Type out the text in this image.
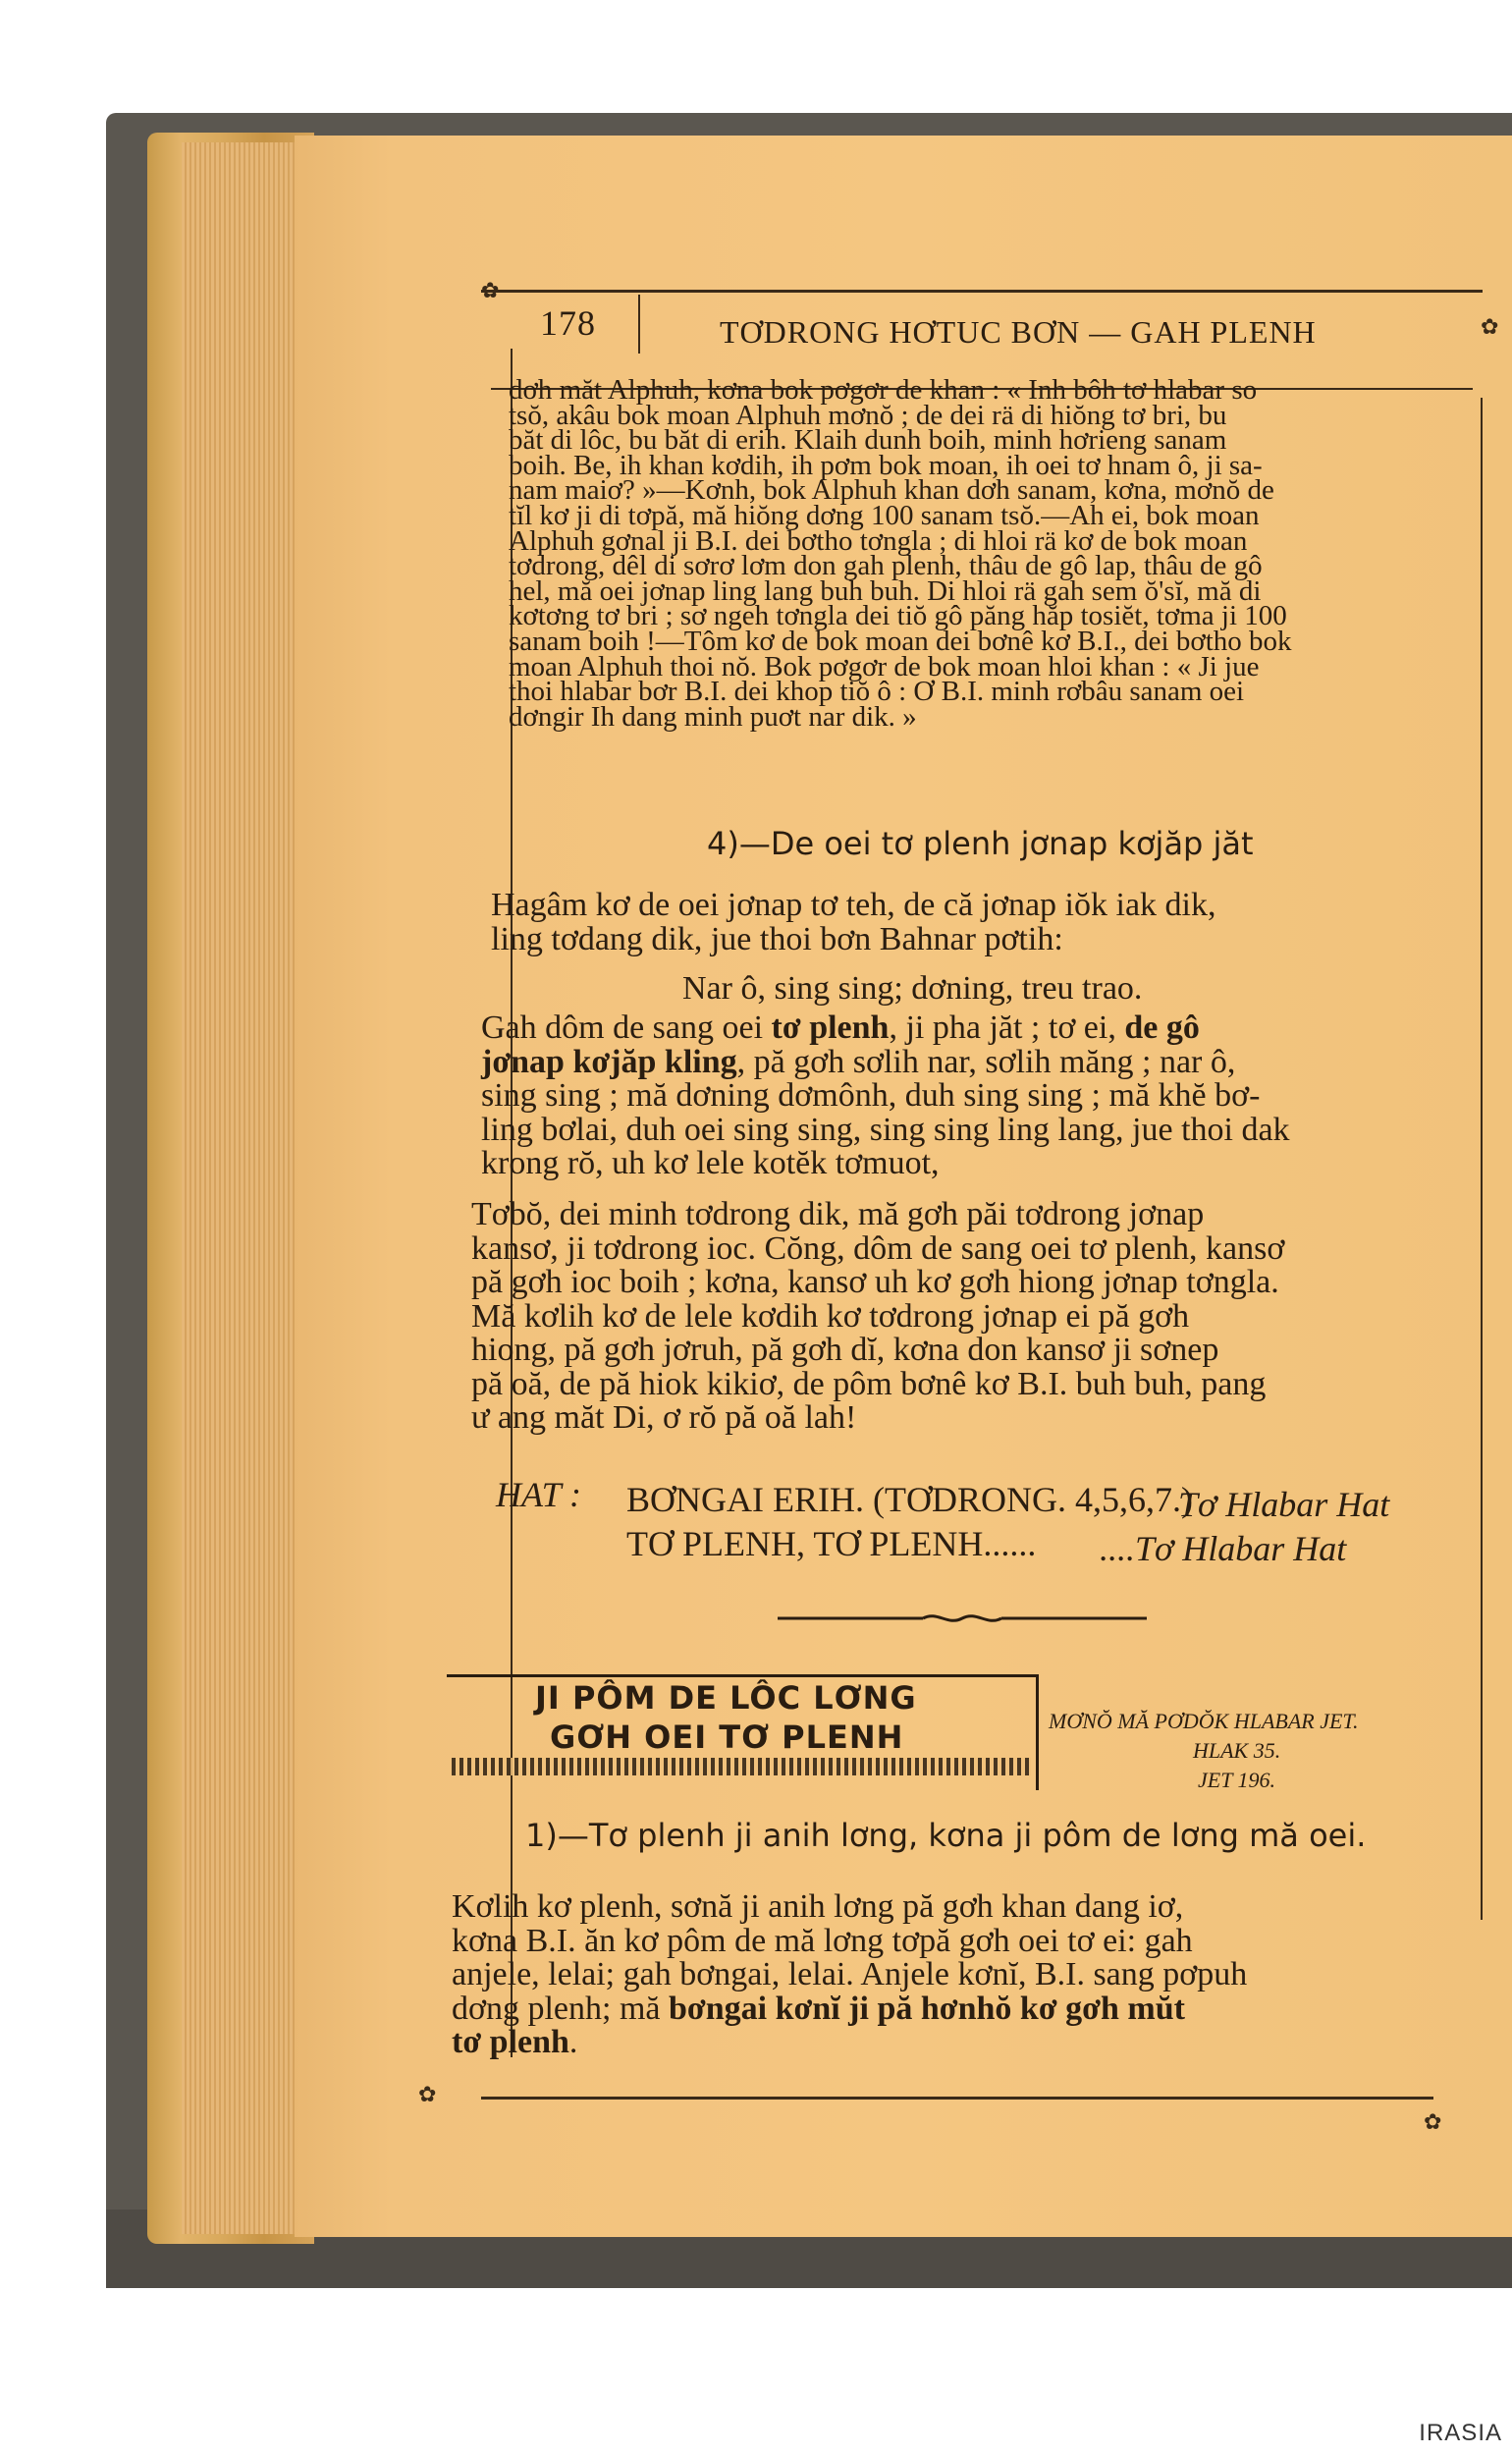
✿
✿
✿
✿
178	TƠDRONG HƠTUC BƠN — GAH PLENH
dơh măt Alphuh, kơna bok pơgơr de khan : « Inh bôh tơ hlabar so
tsŏ, akâu bok moan Alphuh mơnŏ ; de dei rä di hiŏng tơ bri, bu
băt di lôc, bu băt di erih. Klaih dunh boih, minh hơrieng sanam
boih. Be, ih khan kơdih, ih pơm bok moan, ih oei tơ hnam ô, ji sa-
nam maiơ? »—Kơnh, bok Alphuh khan dơh sanam, kơna, mơnŏ de
tĭl kơ ji di tơpă, mă hiŏng dơng 100 sanam tsŏ.—Ah ei, bok moan
Alphuh gơnal ji B.I. dei bơtho tơngla ; di hloi rä kơ de bok moan
tơdrong, dêl di sơrơ lơm don gah plenh, thâu de gô lap, thâu de gô
hel, mă oei jơnap ling lang buh buh. Di hloi rä gah sem ŏ'sĭ, mă di
kơtơng tơ bri ; sơ ngeh tơngla dei tiŏ gô păng hăp tosiĕt, tơma ji 100
sanam boih !—Tôm kơ de bok moan dei bơnê kơ B.I., dei bơtho bok
moan Alphuh thoi nŏ. Bok pơgơr de bok moan hloi khan : « Ji jue
thoi hlabar bơr B.I. dei khop tiŏ ô : Ơ B.I. minh rơbâu sanam oei
dơngir Ih dang minh puơt nar dik. »
4)—De oei tơ plenh jơnap kơjăp jăt
Hagâm kơ de oei jơnap tơ teh, de că jơnap iŏk iak dik,
ling tơdang dik, jue thoi bơn Bahnar pơtih:
Nar ô, sing sing; dơning, treu trao.
Gah dôm de sang oei tơ plenh, ji pha jăt ; tơ ei, de gô
jơnap kơjăp kling, pă gơh sơlih nar, sơlih măng ; nar ô,
sing sing ; mă dơning dơmônh, duh sing sing ; mă khĕ bơ-
ling bơlai, duh oei sing sing, sing sing ling lang, jue thoi dak
krong rŏ, uh kơ lele kotĕk tơmuot,
Tơbŏ, dei minh tơdrong dik, mă gơh păi tơdrong jơnap
kansơ, ji tơdrong ioc. Cŏng, dôm de sang oei tơ plenh, kansơ
pă gơh ioc boih ; kơna, kansơ uh kơ gơh hiong jơnap tơngla.
Mă kơlih kơ de lele kơdih kơ tơdrong jơnap ei pă gơh
hiong, pă gơh jơruh, pă gơh dĭ, kơna don kansơ ji sơnep
pă oă, de pă hiok kikiơ, de pôm bơnê kơ B.I. buh buh, pang
ư ang măt Di, ơ rŏ pă oă lah!
HAT : BƠNGAI ERIH. (TƠDRONG. 4,5,6,7.)
Tơ Hlabar Hat
TƠ PLENH, TƠ PLENH...... ....Tơ Hlabar Hat
JI PÔM DE LÔC LƠNG
GƠH OEI TƠ PLENH	MƠNŎ MĂ PƠDŎK HLABAR JET.
HLAK 35.
JET 196.
1)—Tơ plenh ji anih lơng, kơna ji pôm de lơng mă oei.
Kơlih kơ plenh, sơnă ji anih lơng pă gơh khan dang iơ,
kơna B.I. ăn kơ pôm de mă lơng tơpă gơh oei tơ ei: gah
anjele, lelai; gah bơngai, lelai. Anjele kơnĭ, B.I. sang pơpuh
dơng plenh; mă bơngai kơnĭ ji pă hơnhŏ kơ gơh mŭt
tơ plenh.
IRASIA
